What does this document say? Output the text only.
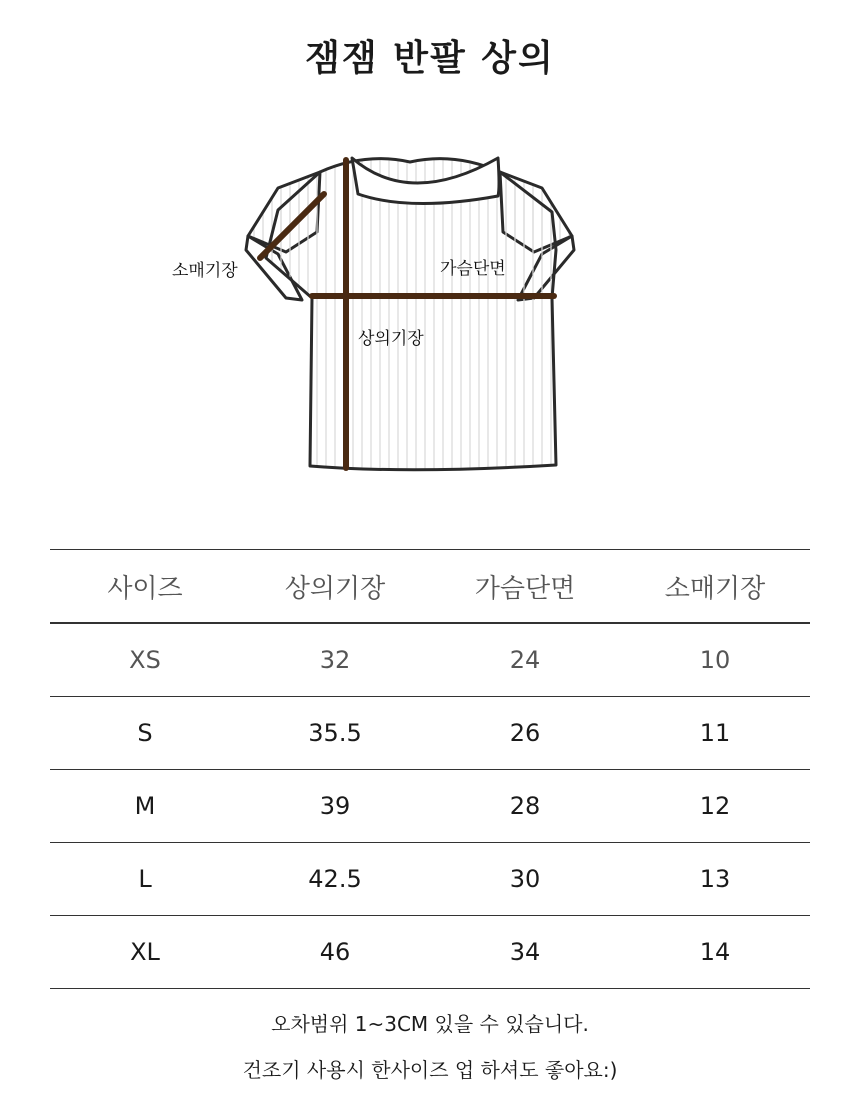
잼잼 반팔 상의
소매기장	가슴단면
상의기장
사이즈	상의기장	가슴단면	소매기장
XS	32	24	10
S	35.5	26	11
M	39	28	12
L	42.5	30	13
XL	46	34	14
오차범위 1~3CM 있을 수 있습니다.
건조기 사용시 한사이즈 업 하셔도 좋아요:)
